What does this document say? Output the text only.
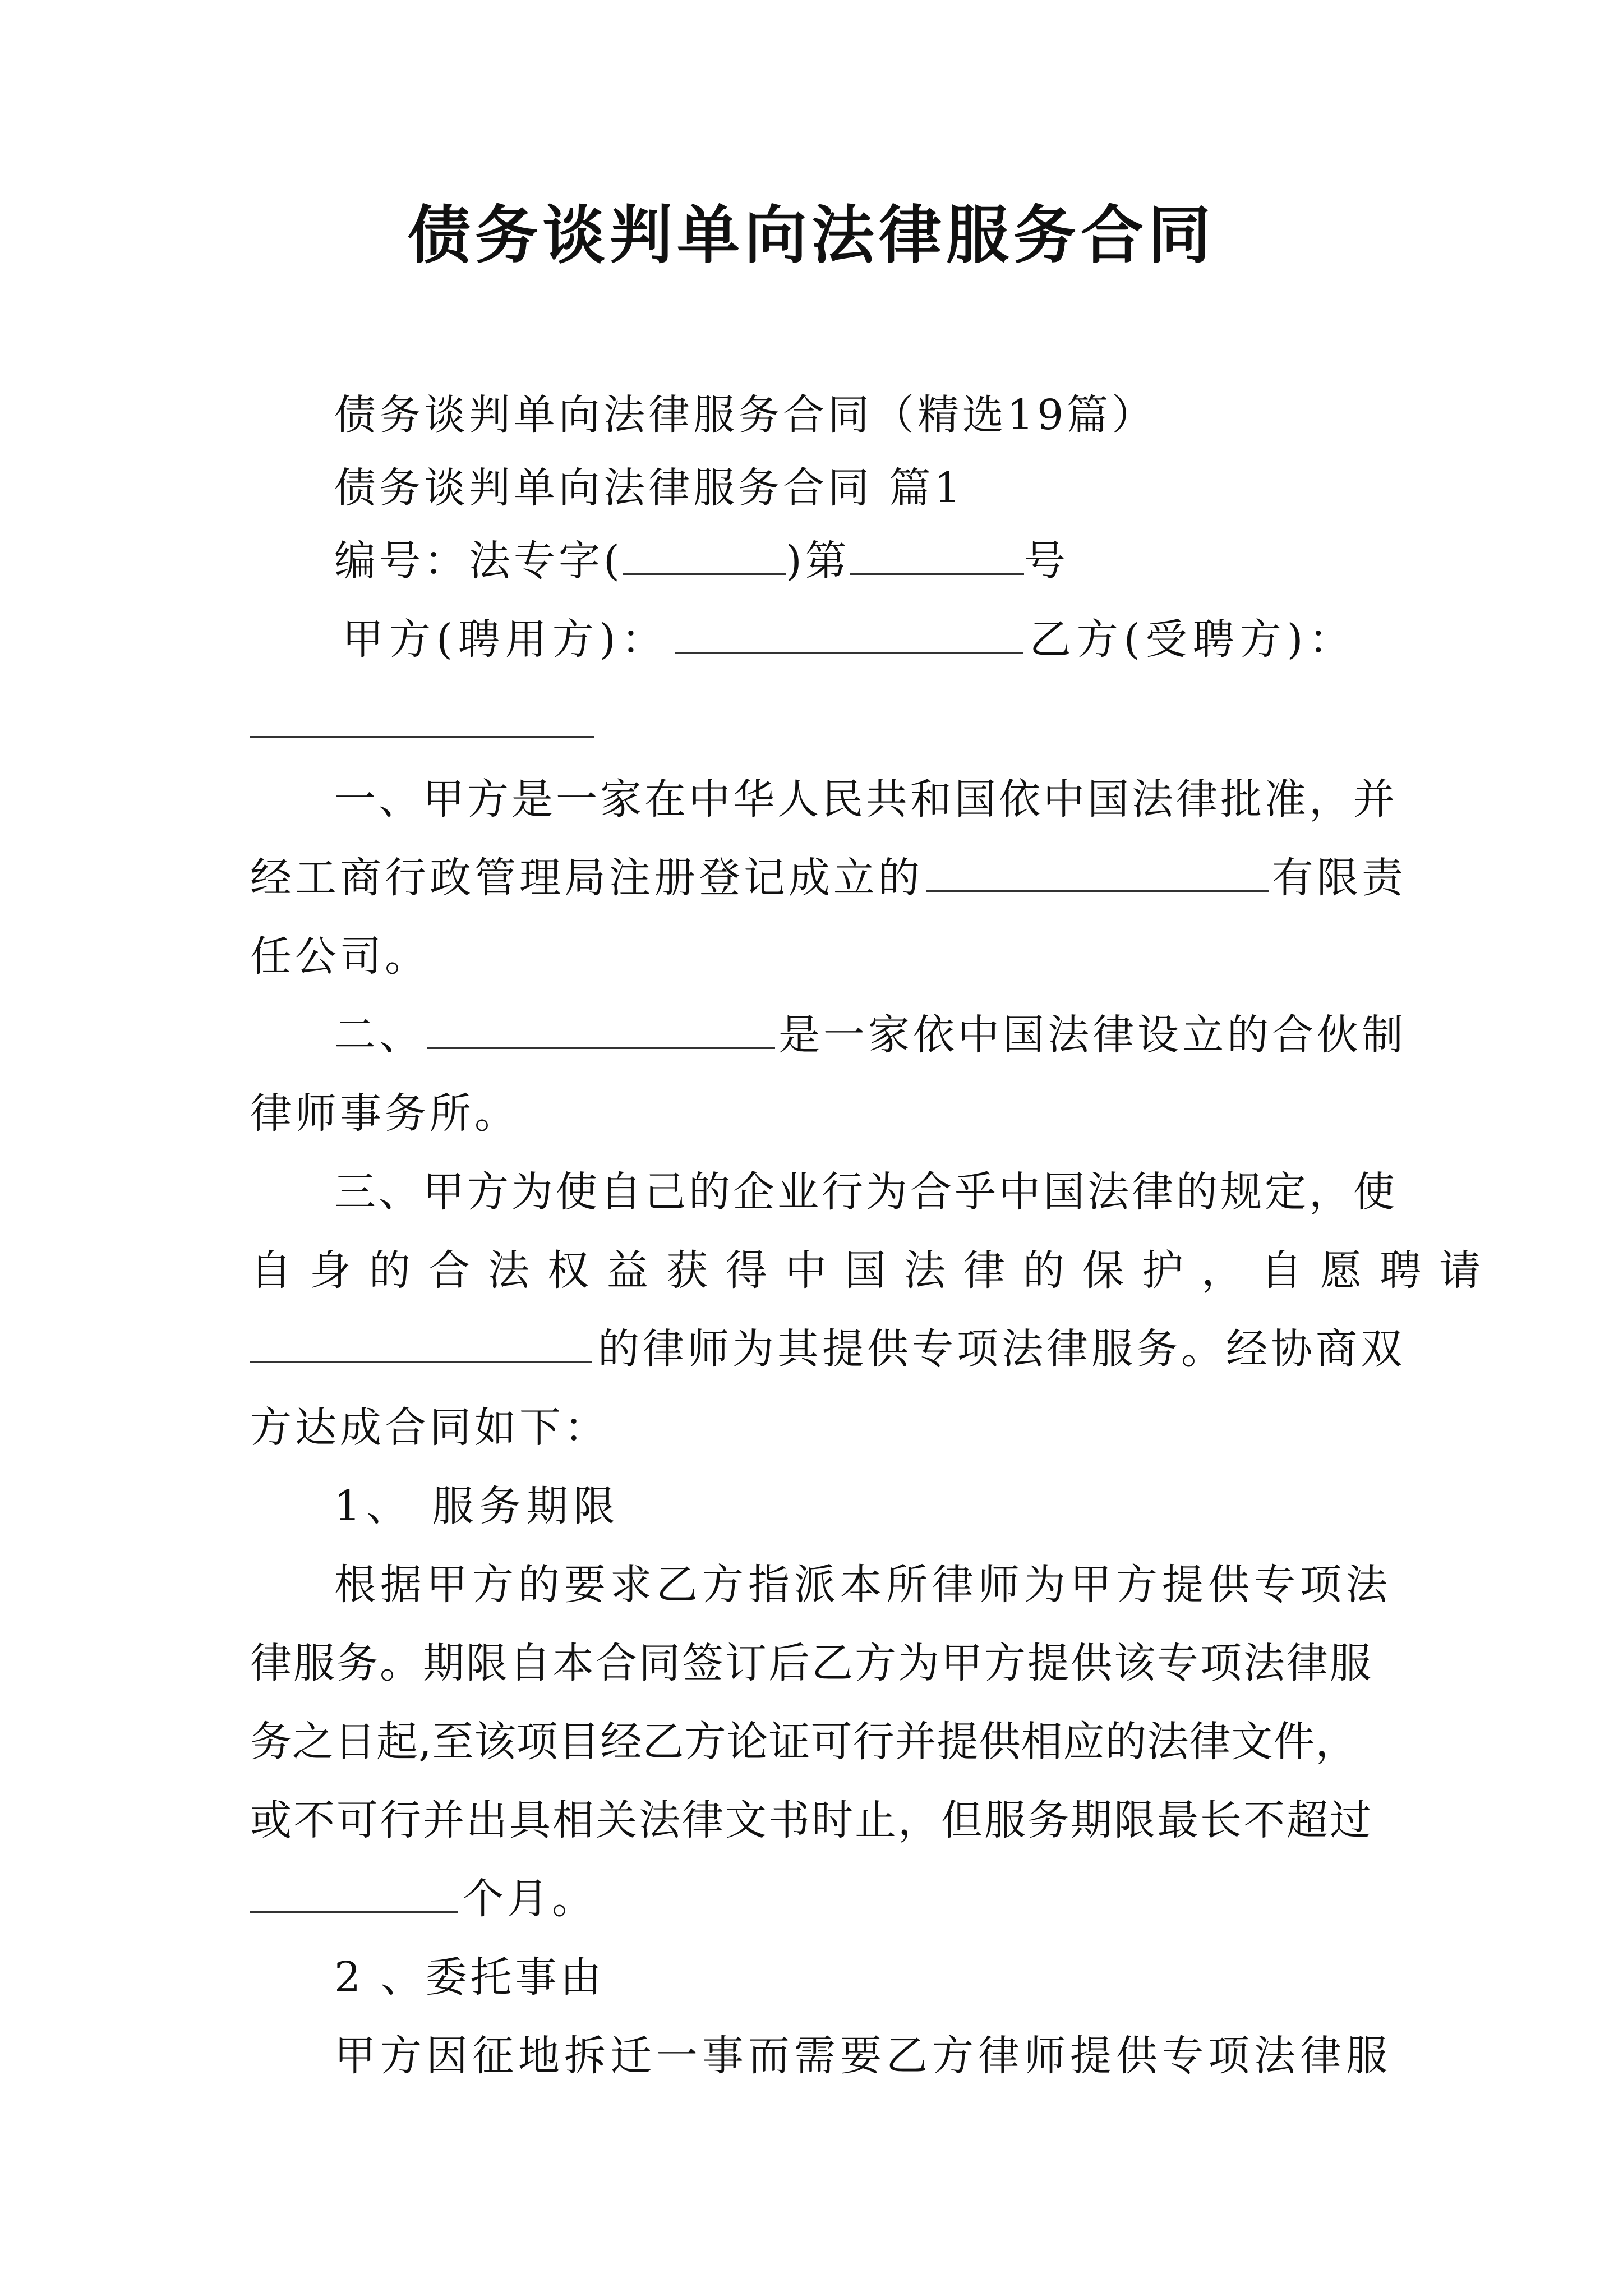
债务谈判单向法律服务合同
债务谈判单向法律服务合同（精选19篇）
债务谈判单向法律服务合同 篇1
编号：法专字(	)第	号
甲方(聘用方)：	乙方(受聘方)：
一、甲方是一家在中华人民共和国依中国法律批准，并
经工商行政管理局注册登记成立的	有限责
任公司。
二、	是一家依中国法律设立的合伙制
律师事务所。
三、甲方为使自己的企业行为合乎中国法律的规定，使
自身的合法权益获得中国法律的保护，自愿聘请
的律师为其提供专项法律服务。经协商双
方达成合同如下：
1、 服务期限
根据甲方的要求乙方指派本所律师为甲方提供专项法
律服务。期限自本合同签订后乙方为甲方提供该专项法律服
务之日起,至该项目经乙方论证可行并提供相应的法律文件，
或不可行并出具相关法律文书时止，但服务期限最长不超过
个月。
2 、委托事由
甲方因征地拆迁一事而需要乙方律师提供专项法律服
